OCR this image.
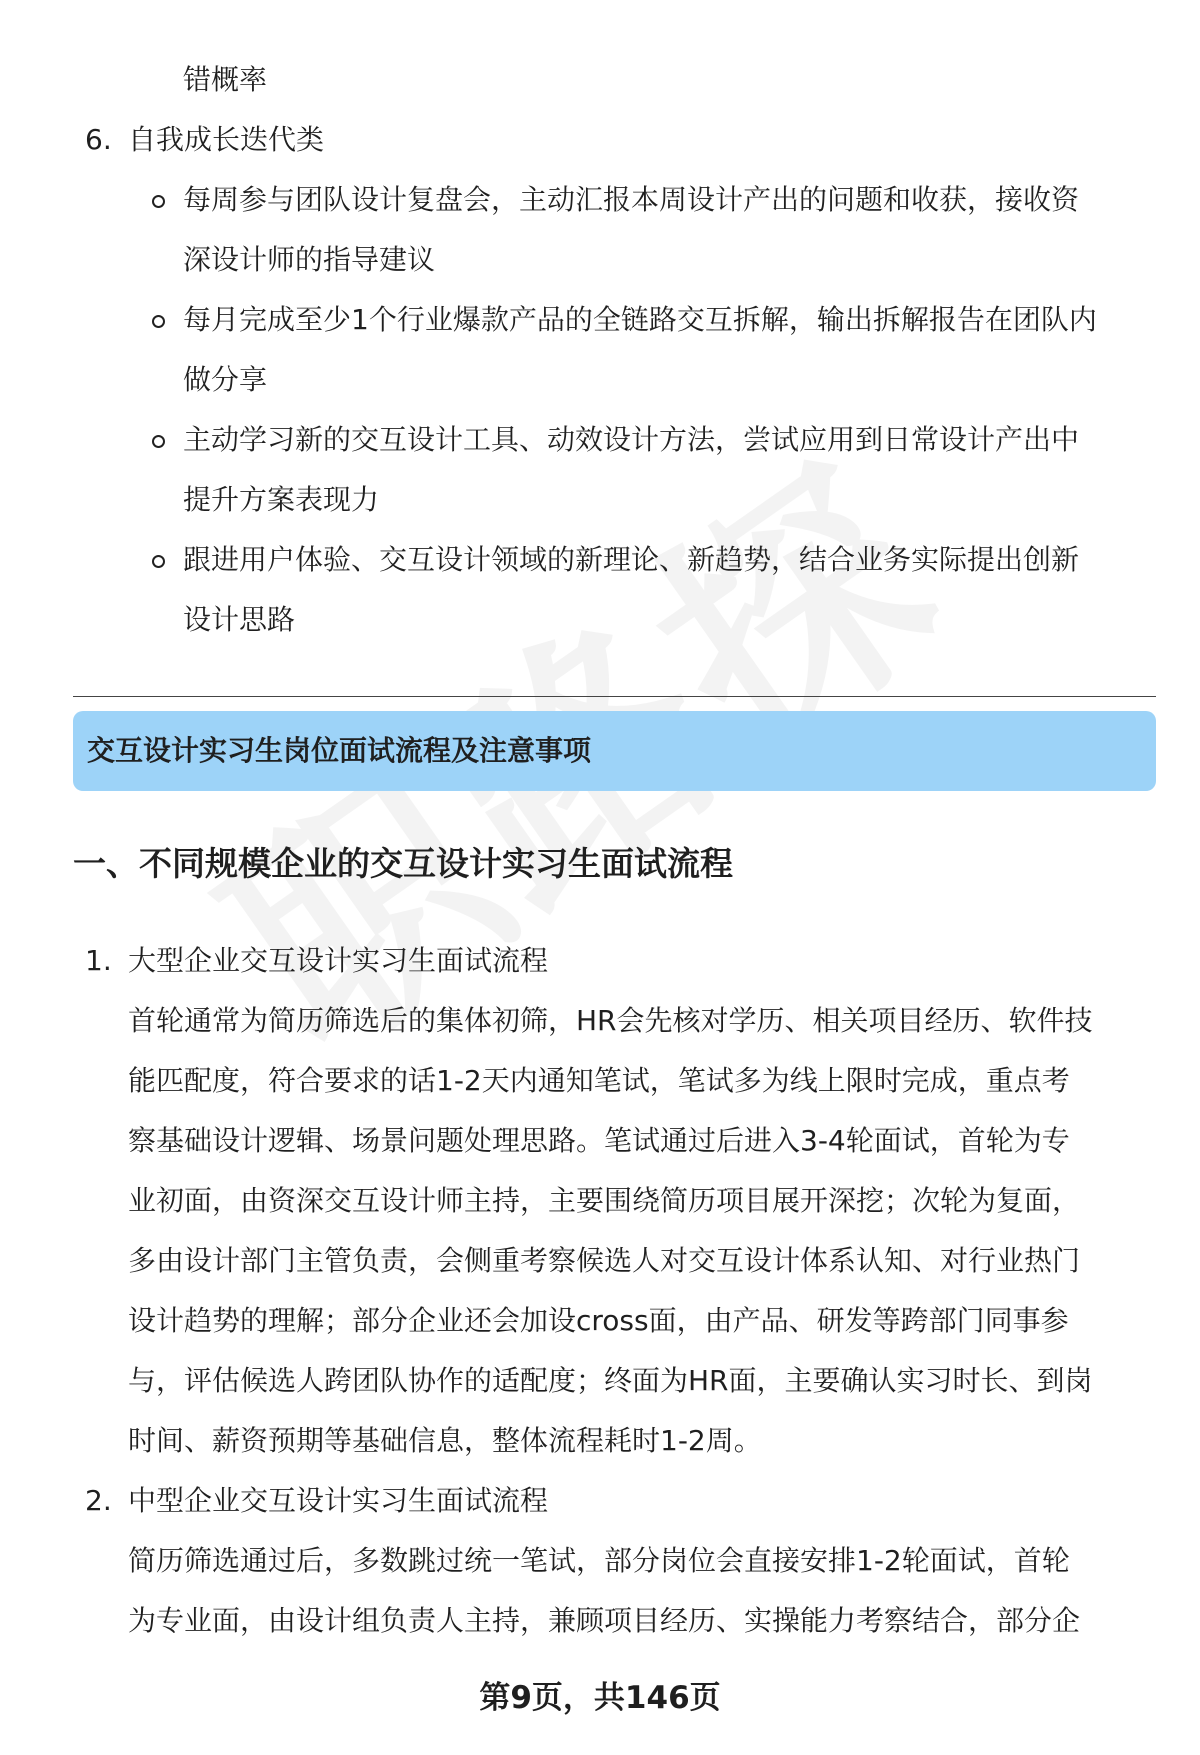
错概率
6. 自我成长迭代类
每周参与团队设计复盘会，主动汇报本周设计产出的问题和收获，接收资
深设计师的指导建议
每月完成至少1个行业爆款产品的全链路交互拆解，输出拆解报告在团队内
做分享
主动学习新的交互设计工具、动效设计方法，尝试应用到日常设计产出中
提升方案表现力
跟进用户体验、交互设计领域的新理论、新趋势，结合业务实际提出创新
设计思路
交互设计实习生岗位面试流程及注意事项
一、不同规模企业的交互设计实习生面试流程
1. 大型企业交互设计实习生面试流程
首轮通常为简历筛选后的集体初筛，HR会先核对学历、相关项目经历、软件技
能匹配度，符合要求的话1-2天内通知笔试，笔试多为线上限时完成，重点考
察基础设计逻辑、场景问题处理思路。笔试通过后进入3-4轮面试，首轮为专
业初面，由资深交互设计师主持，主要围绕简历项目展开深挖；次轮为复面，
多由设计部门主管负责，会侧重考察候选人对交互设计体系认知、对行业热门
设计趋势的理解；部分企业还会加设cross面，由产品、研发等跨部门同事参
与，评估候选人跨团队协作的适配度；终面为HR面，主要确认实习时长、到岗
时间、薪资预期等基础信息，整体流程耗时1-2周。
2. 中型企业交互设计实习生面试流程
简历筛选通过后，多数跳过统一笔试，部分岗位会直接安排1-2轮面试，首轮
为专业面，由设计组负责人主持，兼顾项目经历、实操能力考察结合，部分企
第9页，共146页
